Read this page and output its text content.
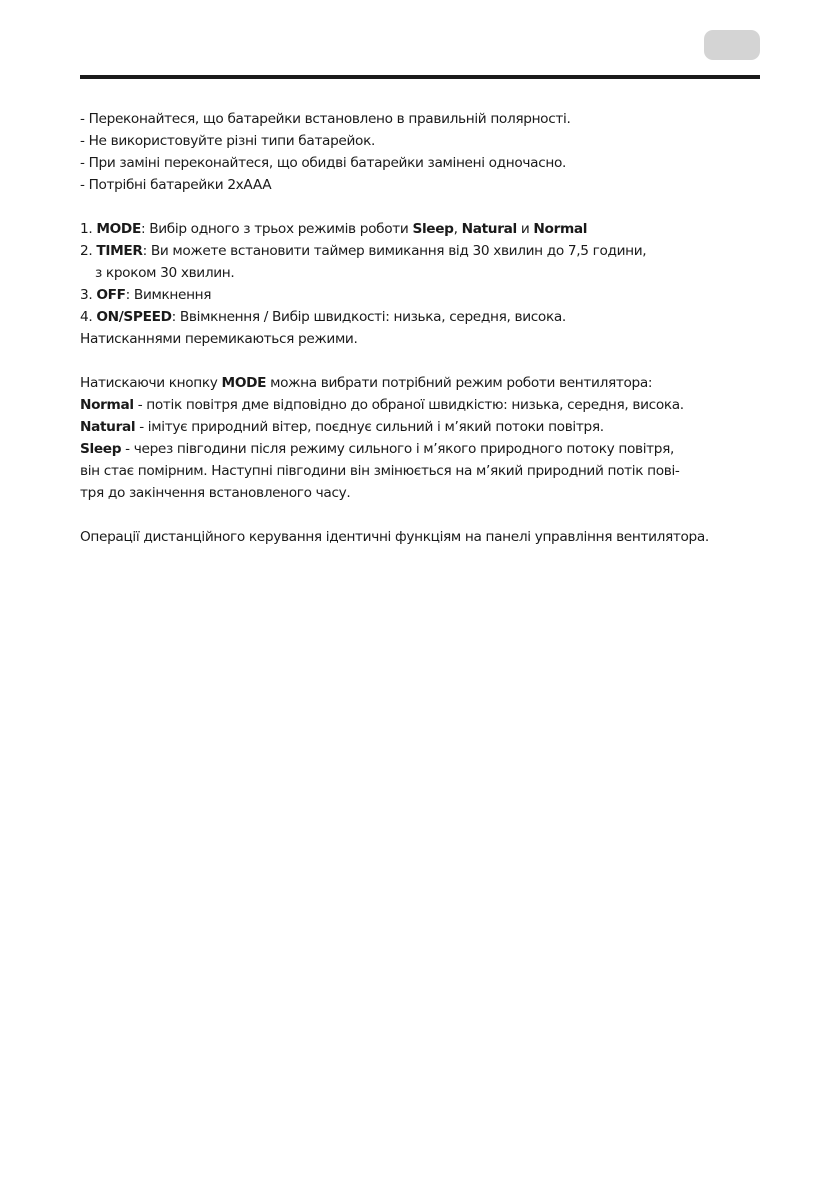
- Переконайтеся, що батарейки встановлено в правильній полярності.
- Не використовуйте різні типи батарейок.
- При заміні переконайтеся, що обидві батарейки замінені одночасно.
- Потрібні батарейки 2xAAA
1. MODE: Вибір одного з трьох режимів роботи Sleep, Natural и Normal
2. TIMER: Ви можете встановити таймер вимикання від 30 хвилин до 7,5 години,
з кроком 30 хвилин.
3. OFF: Вимкнення
4. ON/SPEED: Ввімкнення / Вибір швидкості: низька, середня, висока.
Натисканнями перемикаються режими.
Натискаючи кнопку MODE можна вибрати потрібний режим роботи вентилятора:
Normal - потік повітря дме відповідно до обраної швидкістю: низька, середня, висока.
Natural - імітує природний вітер, поєднує сильний і м’який потоки повітря.
Sleep - через півгодини після режиму сильного і м’якого природного потоку повітря,
він стає помірним. Наступні півгодини він змінюється на м’який природний потік пові-
тря до закінчення встановленого часу.
Операції дистанційного керування ідентичні функціям на панелі управління вентилятора.
